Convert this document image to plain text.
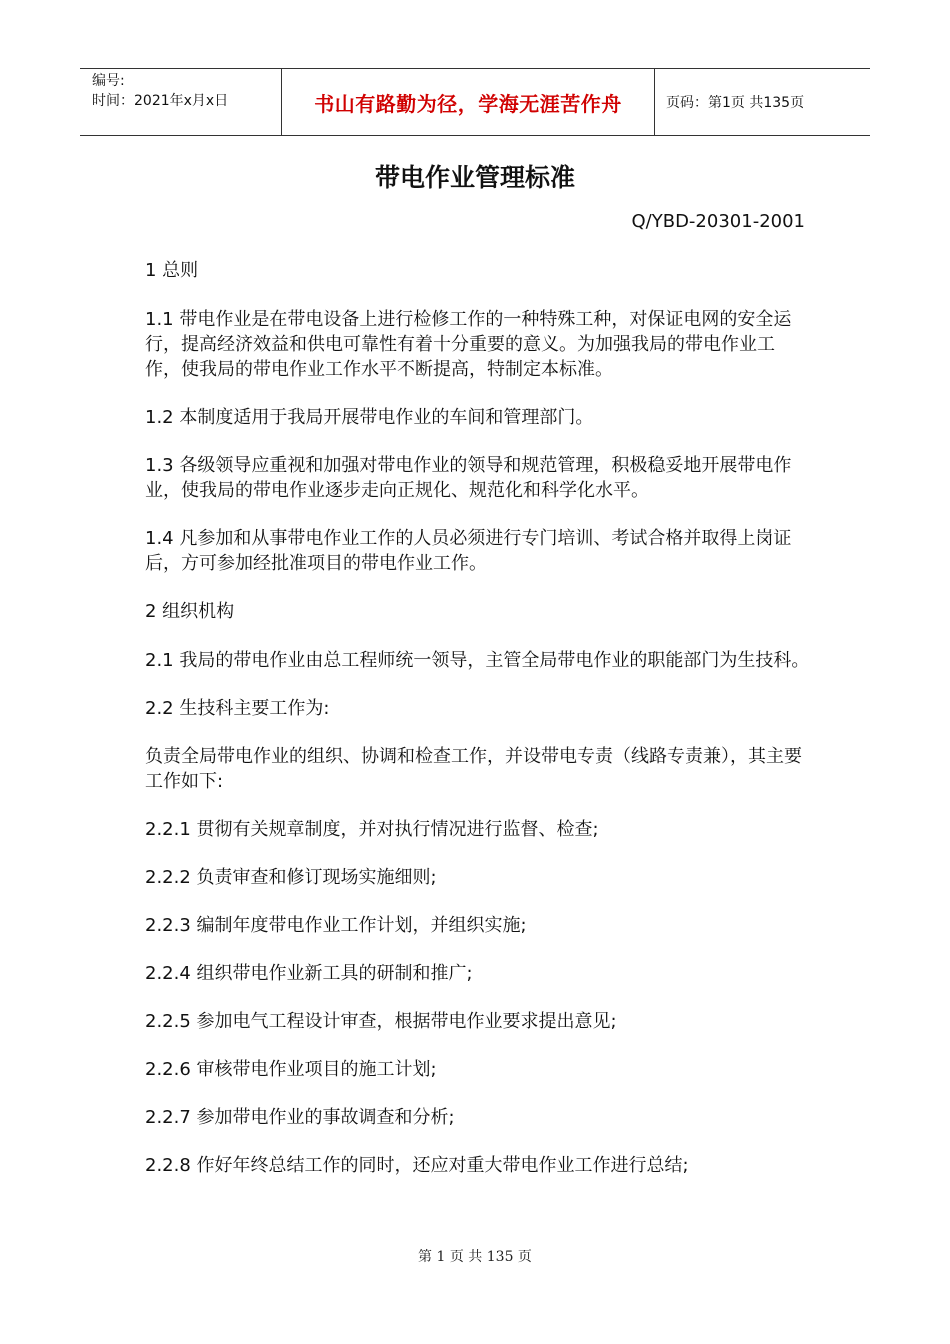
编号:
时间：2021年x月x日	书山有路勤为径，学海无涯苦作舟	页码：第1页 共135页
带电作业管理标准
Q/YBD-20301-2001

1 总则

1.1 带电作业是在带电设备上进行检修工作的一种特殊工种，对保证电网的安全运行，提高经济效益和供电可靠性有着十分重要的意义。为加强我局的带电作业工作，使我局的带电作业工作水平不断提高，特制定本标准。

1.2 本制度适用于我局开展带电作业的车间和管理部门。

1.3 各级领导应重视和加强对带电作业的领导和规范管理，积极稳妥地开展带电作业，使我局的带电作业逐步走向正规化、规范化和科学化水平。

1.4 凡参加和从事带电作业工作的人员必须进行专门培训、考试合格并取得上岗证后，方可参加经批准项目的带电作业工作。

2 组织机构

2.1 我局的带电作业由总工程师统一领导，主管全局带电作业的职能部门为生技科。

2.2 生技科主要工作为:

负责全局带电作业的组织、协调和检查工作，并设带电专责（线路专责兼），其主要工作如下:

2.2.1 贯彻有关规章制度，并对执行情况进行监督、检查;

2.2.2 负责审查和修订现场实施细则;

2.2.3 编制年度带电作业工作计划，并组织实施;

2.2.4 组织带电作业新工具的研制和推广;

2.2.5 参加电气工程设计审查，根据带电作业要求提出意见;

2.2.6 审核带电作业项目的施工计划;

2.2.7 参加带电作业的事故调查和分析;

2.2.8 作好年终总结工作的同时，还应对重大带电作业工作进行总结;

第 1 页 共 135 页
